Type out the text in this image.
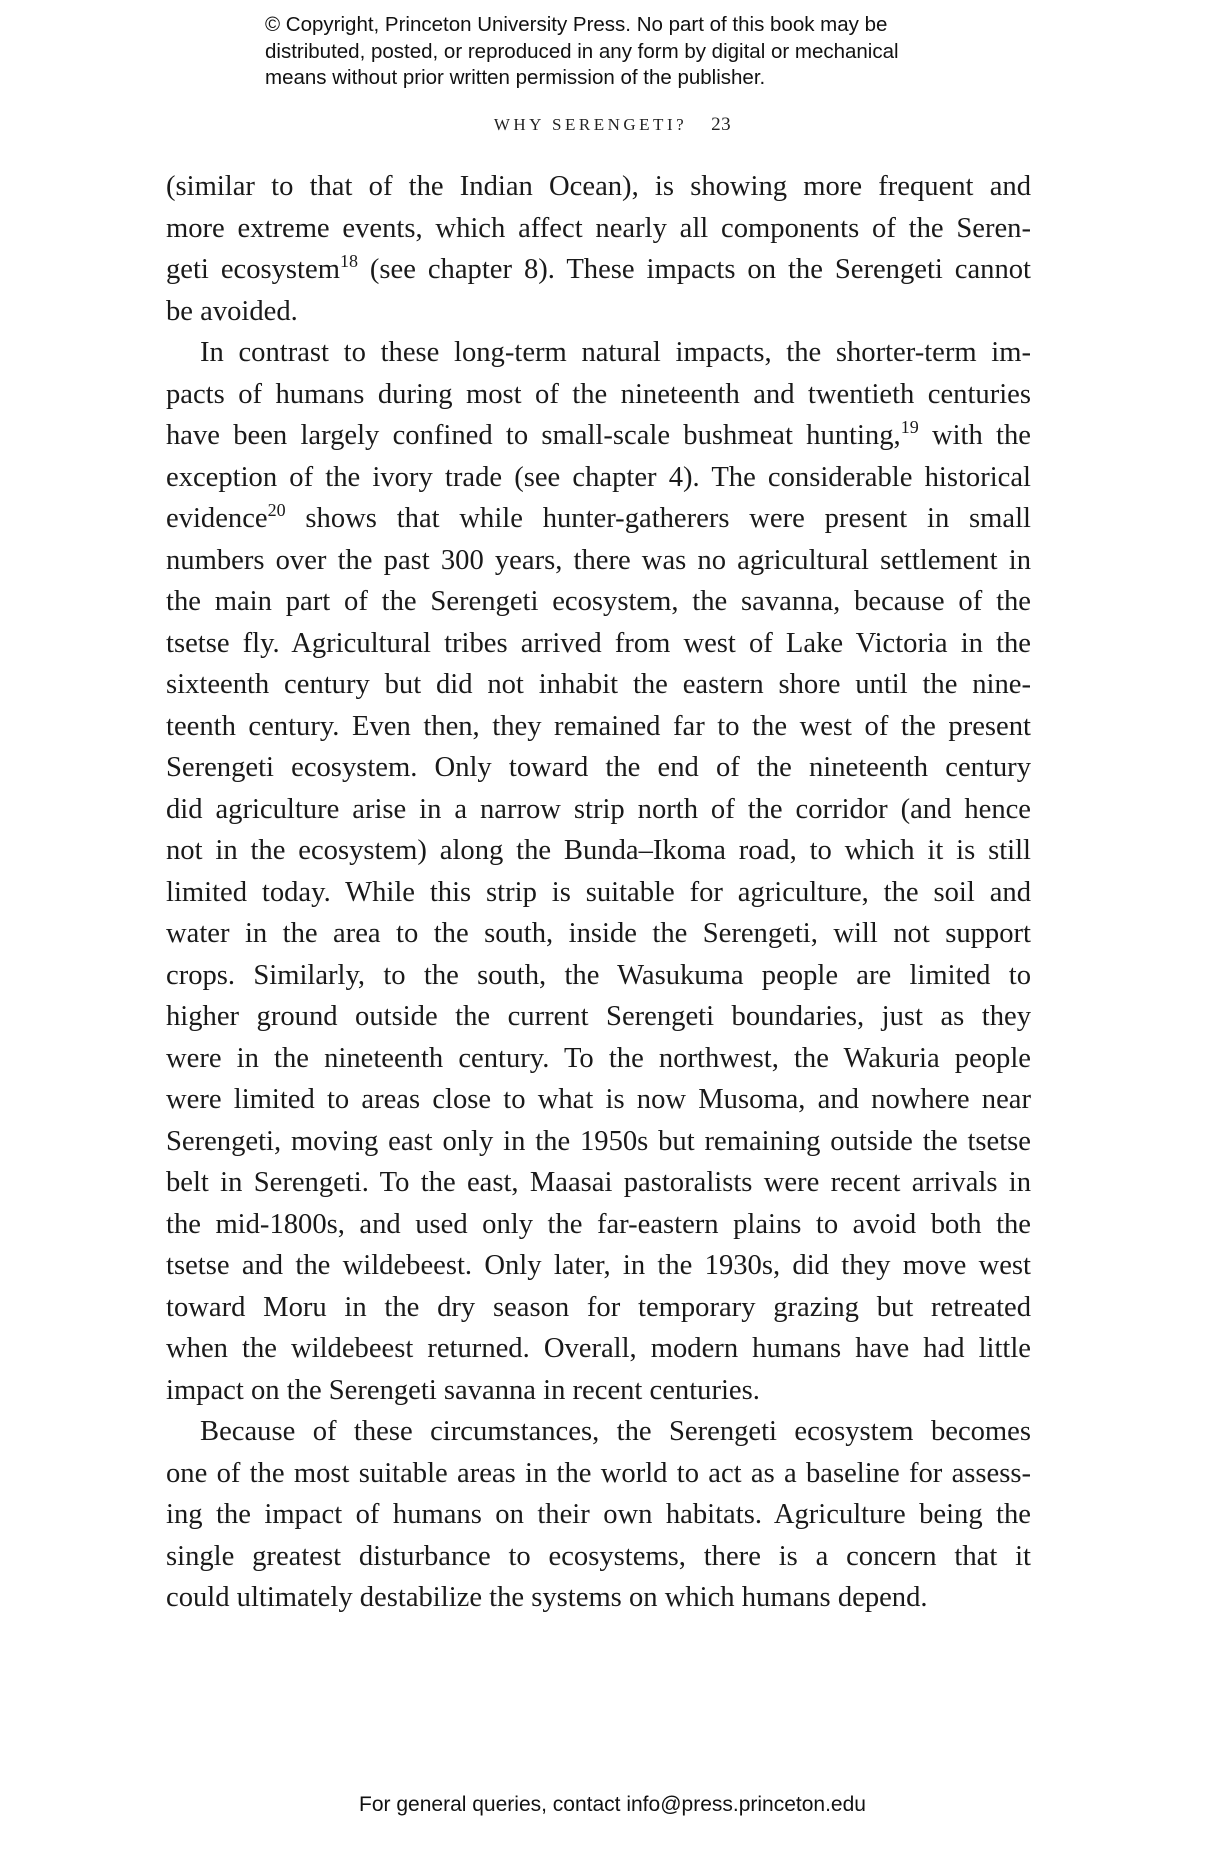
© Copyright, Princeton University Press. No part of this book may be
distributed, posted, or reproduced in any form by digital or mechanical
means without prior written permission of the publisher.
WHY SERENGETI? 23
(similar to that of the Indian Ocean), is showing more frequent and
more extreme events, which affect nearly all components of the Seren-
geti ecosystem$^{18}$ (see chapter 8). These impacts on the Serengeti cannot
be avoided.
In contrast to these long-term natural impacts, the shorter-term im-
pacts of humans during most of the nineteenth and twentieth centuries
have been largely confined to small-scale bushmeat hunting,$^{19}$ with the
exception of the ivory trade (see chapter 4). The considerable historical
evidence$^{20}$ shows that while hunter-gatherers were present in small
numbers over the past 300 years, there was no agricultural settlement in
the main part of the Serengeti ecosystem, the savanna, because of the
tsetse fly. Agricultural tribes arrived from west of Lake Victoria in the
sixteenth century but did not inhabit the eastern shore until the nine-
teenth century. Even then, they remained far to the west of the present
Serengeti ecosystem. Only toward the end of the nineteenth century
did agriculture arise in a narrow strip north of the corridor (and hence
not in the ecosystem) along the Bunda–Ikoma road, to which it is still
limited today. While this strip is suitable for agriculture, the soil and
water in the area to the south, inside the Serengeti, will not support
crops. Similarly, to the south, the Wasukuma people are limited to
higher ground outside the current Serengeti boundaries, just as they
were in the nineteenth century. To the northwest, the Wakuria people
were limited to areas close to what is now Musoma, and nowhere near
Serengeti, moving east only in the 1950s but remaining outside the tsetse
belt in Serengeti. To the east, Maasai pastoralists were recent arrivals in
the mid-1800s, and used only the far-eastern plains to avoid both the
tsetse and the wildebeest. Only later, in the 1930s, did they move west
toward Moru in the dry season for temporary grazing but retreated
when the wildebeest returned. Overall, modern humans have had little
impact on the Serengeti savanna in recent centuries.
Because of these circumstances, the Serengeti ecosystem becomes
one of the most suitable areas in the world to act as a baseline for assess-
ing the impact of humans on their own habitats. Agriculture being the
single greatest disturbance to ecosystems, there is a concern that it
could ultimately destabilize the systems on which humans depend.
For general queries, contact info@press.princeton.edu
